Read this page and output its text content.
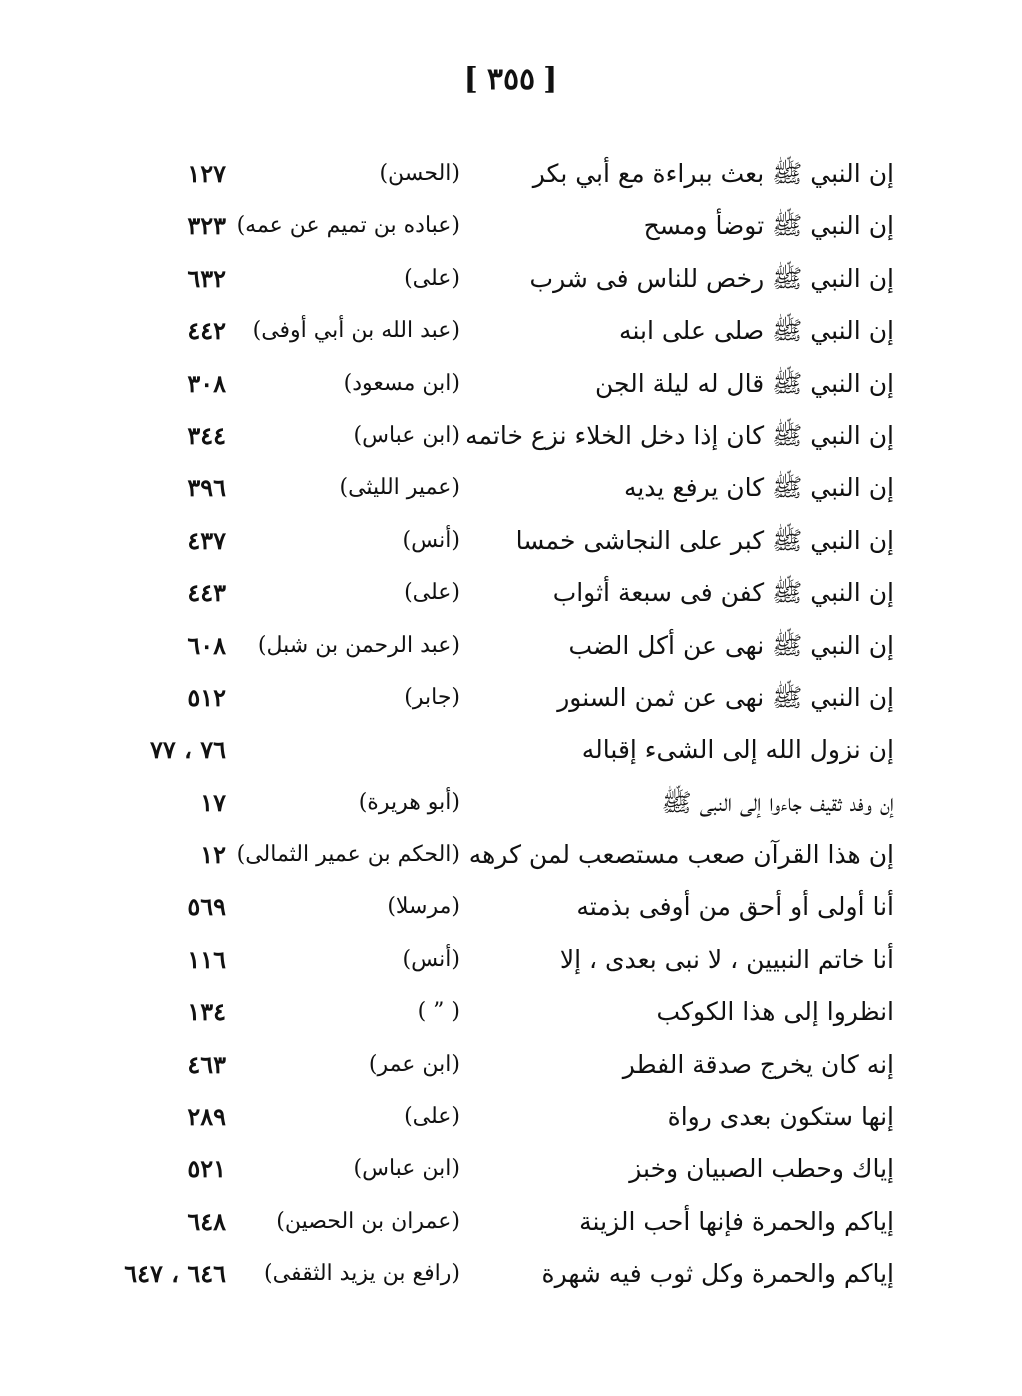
[ ٣٥٥ ]
إن النبي ﷺ بعث ببراءة مع أبي بكر
(الحسن)
١٢٧
إن النبي ﷺ توضأ ومسح
(عباده بن تميم عن عمه)
٣٢٣
إن النبي ﷺ رخص للناس فى شرب
(على)
٦٣٢
إن النبي ﷺ صلى على ابنه
(عبد الله بن أبي أوفى)
٤٤٢
إن النبي ﷺ قال له ليلة الجن
(ابن مسعود)
٣٠٨
إن النبي ﷺ كان إذا دخل الخلاء نزع خاتمه
(ابن عباس)
٣٤٤
إن النبي ﷺ كان يرفع يديه
(عمير الليثى)
٣٩٦
إن النبي ﷺ كبر على النجاشى خمسا
(أنس)
٤٣٧
إن النبي ﷺ كفن فى سبعة أثواب
(على)
٤٤٣
إن النبي ﷺ نهى عن أكل الضب
(عبد الرحمن بن شبل)
٦٠٨
إن النبي ﷺ نهى عن ثمن السنور
(جابر)
٥١٢
إن نزول الله إلى الشىء إقباله
٧٦ ، ٧٧
إن وفد ثقيف جاءوا إلى النبى ﷺ
(أبو هريرة)
١٧
إن هذا القرآن صعب مستصعب لمن كرهه
(الحكم بن عمير الثمالى)
١٢
أنا أولى أو أحق من أوفى بذمته
(مرسلا)
٥٦٩
أنا خاتم النبيين ، لا نبى بعدى ، إلا
(أنس)
١١٦
انظروا إلى هذا الكوكب
( ” )
١٣٤
إنه كان يخرج صدقة الفطر
(ابن عمر)
٤٦٣
إنها ستكون بعدى رواة
(على)
٢٨٩
إياك وحطب الصبيان وخبز
(ابن عباس)
٥٢١
إياكم والحمرة فإنها أحب الزينة
(عمران بن الحصين)
٦٤٨
إياكم والحمرة وكل ثوب فيه شهرة
(رافع بن يزيد الثقفى)
٦٤٦ ، ٦٤٧
